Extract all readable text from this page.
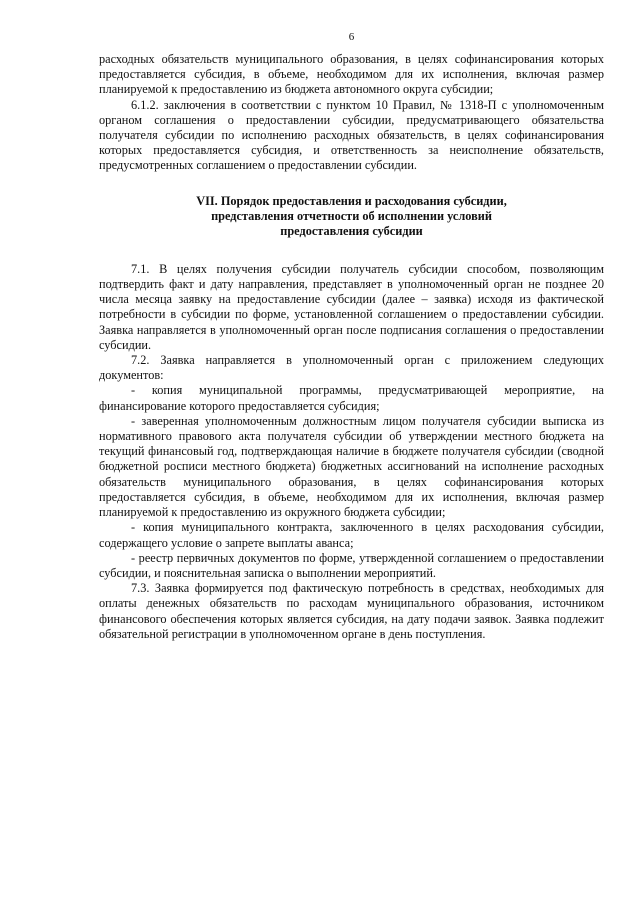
6

расходных обязательств муниципального образования, в целях софинансирования которых предоставляется субсидия, в объеме, необходимом для их исполнения, включая размер планируемой к предоставлению из бюджета автономного округа субсидии;

6.1.2. заключения в соответствии с пунктом 10 Правил, № 1318-П с уполномоченным органом соглашения о предоставлении субсидии, предусматривающего обязательства получателя субсидии по исполнению расходных обязательств, в целях софинансирования которых предоставляется субсидия, и ответственность за неисполнение обязательств, предусмотренных соглашением о предоставлении субсидии.

VII. Порядок предоставления и расходования субсидии,
представления отчетности об исполнении условий
предоставления субсидии

7.1. В целях получения субсидии получатель субсидии способом, позволяющим подтвердить факт и дату направления, представляет в уполномоченный орган не позднее 20 числа месяца заявку на предоставление субсидии (далее – заявка) исходя из фактической потребности в субсидии по форме, установленной соглашением о предоставлении субсидии. Заявка направляется в уполномоченный орган после подписания соглашения о предоставлении субсидии.

7.2. Заявка направляется в уполномоченный орган с приложением следующих документов:

- копия муниципальной программы, предусматривающей мероприятие, на финансирование которого предоставляется субсидия;

- заверенная уполномоченным должностным лицом получателя субсидии выписка из нормативного правового акта получателя субсидии об утверждении местного бюджета на текущий финансовый год, подтверждающая наличие в бюджете получателя субсидии (сводной бюджетной росписи местного бюджета) бюджетных ассигнований на исполнение расходных обязательств муниципального образования, в целях софинансирования которых предоставляется субсидия, в объеме, необходимом для их исполнения, включая размер планируемой к предоставлению из окружного бюджета субсидии;

- копия муниципального контракта, заключенного в целях расходования субсидии, содержащего условие о запрете выплаты аванса;

- реестр первичных документов по форме, утвержденной соглашением о предоставлении субсидии, и пояснительная записка о выполнении мероприятий.

7.3. Заявка формируется под фактическую потребность в средствах, необходимых для оплаты денежных обязательств по расходам муниципального образования, источником финансового обеспечения которых является субсидия, на дату подачи заявок. Заявка подлежит обязательной регистрации в уполномоченном органе в день поступления.
